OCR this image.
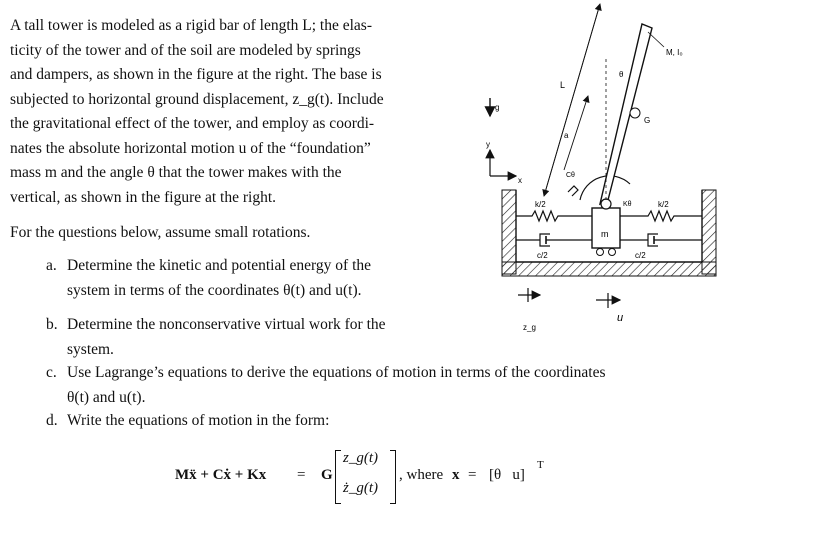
A tall tower is modeled as a rigid bar of length L; the elas-
ticity of the tower and of the soil are modeled by springs
and dampers, as shown in the figure at the right. The base is
subjected to horizontal ground displacement, z_g(t). Include
the gravitational effect of the tower, and employ as coordi-
nates the absolute horizontal motion u of the “foundation”
mass m and the angle θ that the tower makes with the
vertical, as shown in the figure at the right.
For the questions below, assume small rotations.
a. Determine the kinetic and potential energy of the
system in terms of the coordinates θ(t) and u(t).
b. Determine the nonconservative virtual work for the
system.
c. Use Lagrange’s equations to derive the equations of motion in terms of the coordinates
θ(t) and u(t).
d. Write the equations of motion in the form:
Mẍ + Cẋ + Kx = G
z_g(t)
ż_g(t)
, where x = [θ   u]
T
m
k/2
c/2
k/2
c/2
Cθ
Kθ
G
θ
L
a
M, I₀
g
y
x
z_g
u
